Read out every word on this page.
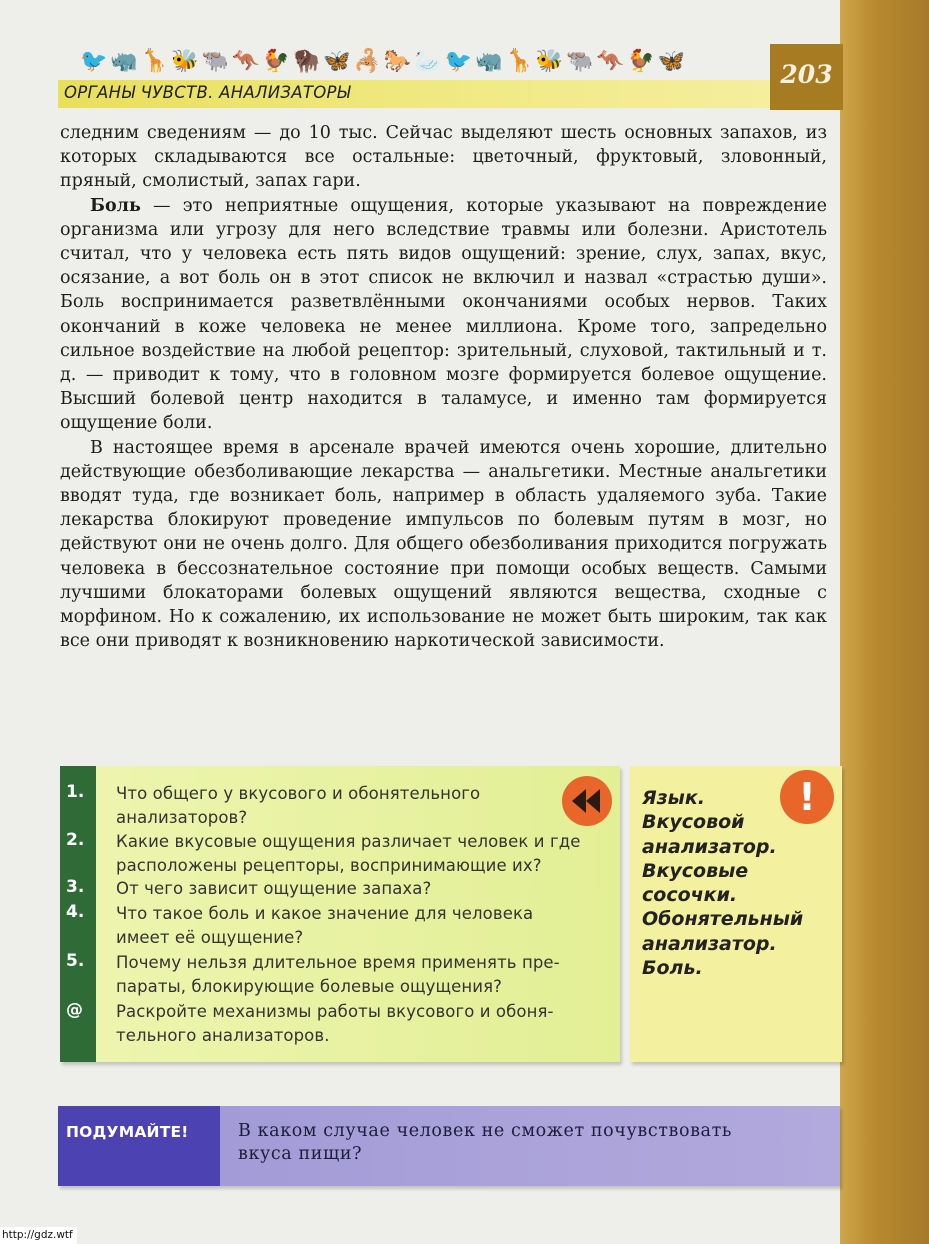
🐦🦏🦒🐝🐃🦘🐓🦬🦋🦂🐎🦢🐦🦏🦒🐝🐃🦘🐓🦋
ОРГАНЫ ЧУВСТВ. АНАЛИЗАТОРЫ
203

следним сведениям — до 10 тыс. Сейчас выделяют шесть основных запахов, из которых складываются все остальные: цветочный, фруктовый, зловонный, пряный, смолистый, запах гари.

Боль — это неприятные ощущения, которые указывают на повреждение организма или угрозу для него вследствие травмы или болезни. Аристотель считал, что у человека есть пять видов ощущений: зрение, слух, запах, вкус, осязание, а вот боль он в этот список не включил и назвал «страстью души». Боль воспринимается разветвлёнными окончаниями особых нервов. Таких окончаний в коже человека не менее миллиона. Кроме того, запредельно сильное воздействие на любой рецептор: зрительный, слуховой, тактильный и т. д. — приводит к тому, что в головном мозге формируется болевое ощущение. Высший болевой центр находится в таламусе, и именно там формируется ощущение боли.

В настоящее время в арсенале врачей имеются очень хорошие, длительно действующие обезболивающие лекарства — анальгетики. Местные анальгетики вводят туда, где возникает боль, например в область удаляемого зуба. Такие лекарства блокируют проведение импульсов по болевым путям в мозг, но действуют они не очень долго. Для общего обезболивания приходится погружать человека в бессознательное состояние при помощи особых веществ. Самыми лучшими блокаторами болевых ощущений являются вещества, сходные с морфином. Но к сожалению, их использование не может быть широким, так как все они приводят к возникновению наркотической зависимости.

1.	Что общего у вкусового и обонятельного
анализаторов?
2.	Какие вкусовые ощущения различает человек и где
расположены рецепторы, воспринимающие их?
3.	От чего зависит ощущение запаха?
4.	Что такое боль и какое значение для человека
имеет её ощущение?
5.	Почему нельзя длительное время применять пре-
параты, блокирующие болевые ощущения?
@	Раскройте механизмы работы вкусового и обоня-
тельного анализаторов.
!
Язык.
Вкусовой
анализатор.
Вкусовые
сосочки.
Обонятельный
анализатор.
Боль.
ПОДУМАЙТЕ!	В каком случае человек не сможет почувствовать
вкуса пищи?
http://gdz.wtf
